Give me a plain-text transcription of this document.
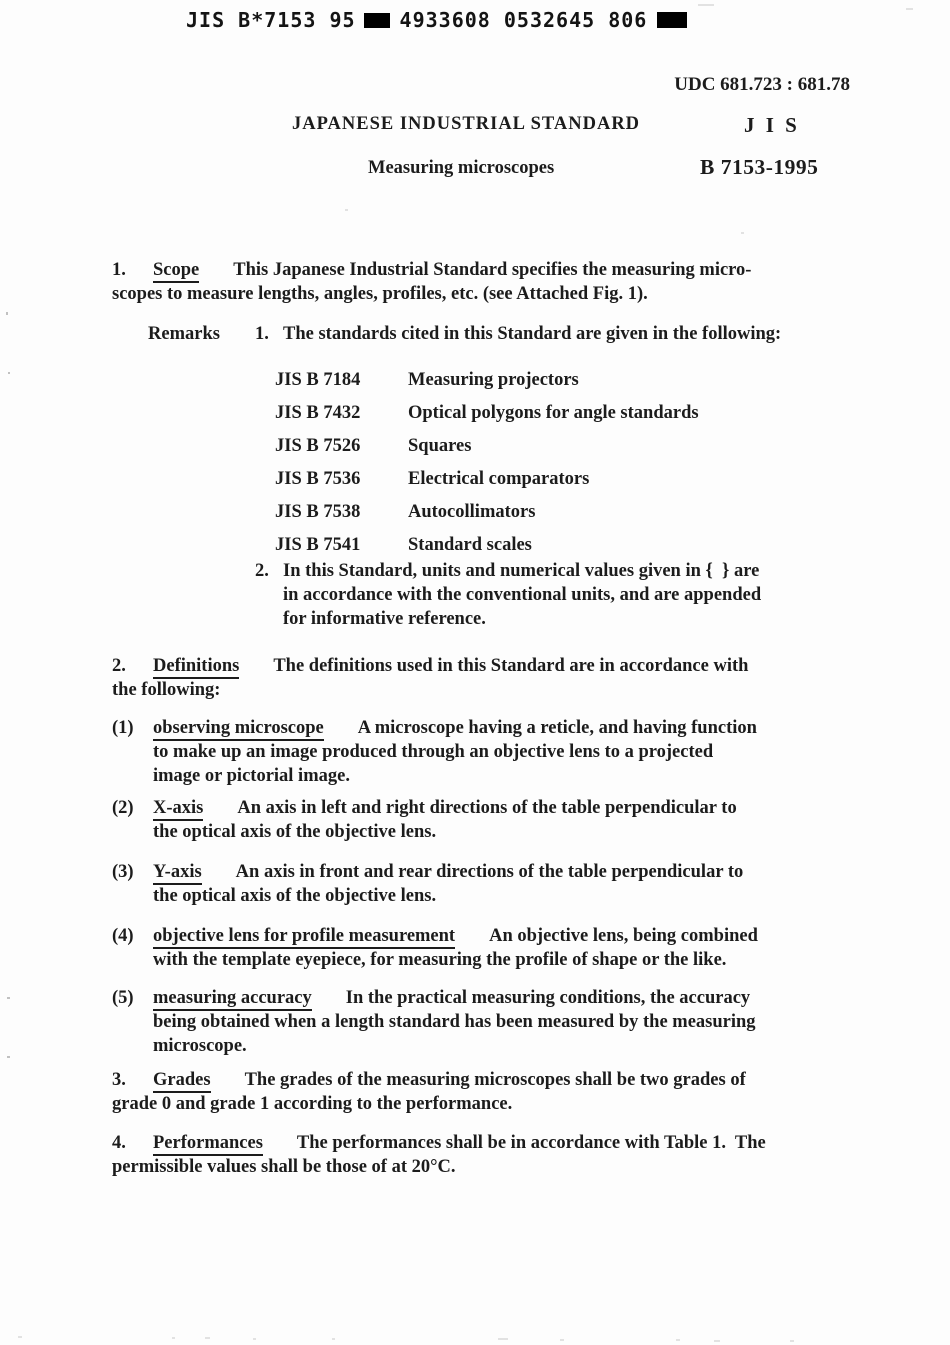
JIS B*7153 95 4933608 0532645 806
UDC 681.723 : 681.78
JAPANESE INDUSTRIAL STANDARD	J I S
Measuring microscopes	B 7153-1995
1. Scope This Japanese Industrial Standard specifies the measuring micro-
scopes to measure lengths, angles, profiles, etc. (see Attached Fig. 1).
Remarks 1. The standards cited in this Standard are given in the following:
JIS B 7184	Measuring projectors
JIS B 7432	Optical polygons for angle standards
JIS B 7526	Squares
JIS B 7536	Electrical comparators
JIS B 7538	Autocollimators
JIS B 7541	Standard scales
2. In this Standard, units and numerical values given in {  } are
in accordance with the conventional units, and are appended
for informative reference.
2. Definitions The definitions used in this Standard are in accordance with
the following:
(1) observing microscope A microscope having a reticle, and having function
to make up an image produced through an objective lens to a projected
image or pictorial image.
(2) X-axis An axis in left and right directions of the table perpendicular to
the optical axis of the objective lens.
(3) Y-axis An axis in front and rear directions of the table perpendicular to
the optical axis of the objective lens.
(4) objective lens for profile measurement An objective lens, being combined
with the template eyepiece, for measuring the profile of shape or the like.
(5) measuring accuracy In the practical measuring conditions, the accuracy
being obtained when a length standard has been measured by the measuring
microscope.
3. Grades The grades of the measuring microscopes shall be two grades of
grade 0 and grade 1 according to the performance.
4. Performances The performances shall be in accordance with Table 1.  The
permissible values shall be those of at 20°C.
